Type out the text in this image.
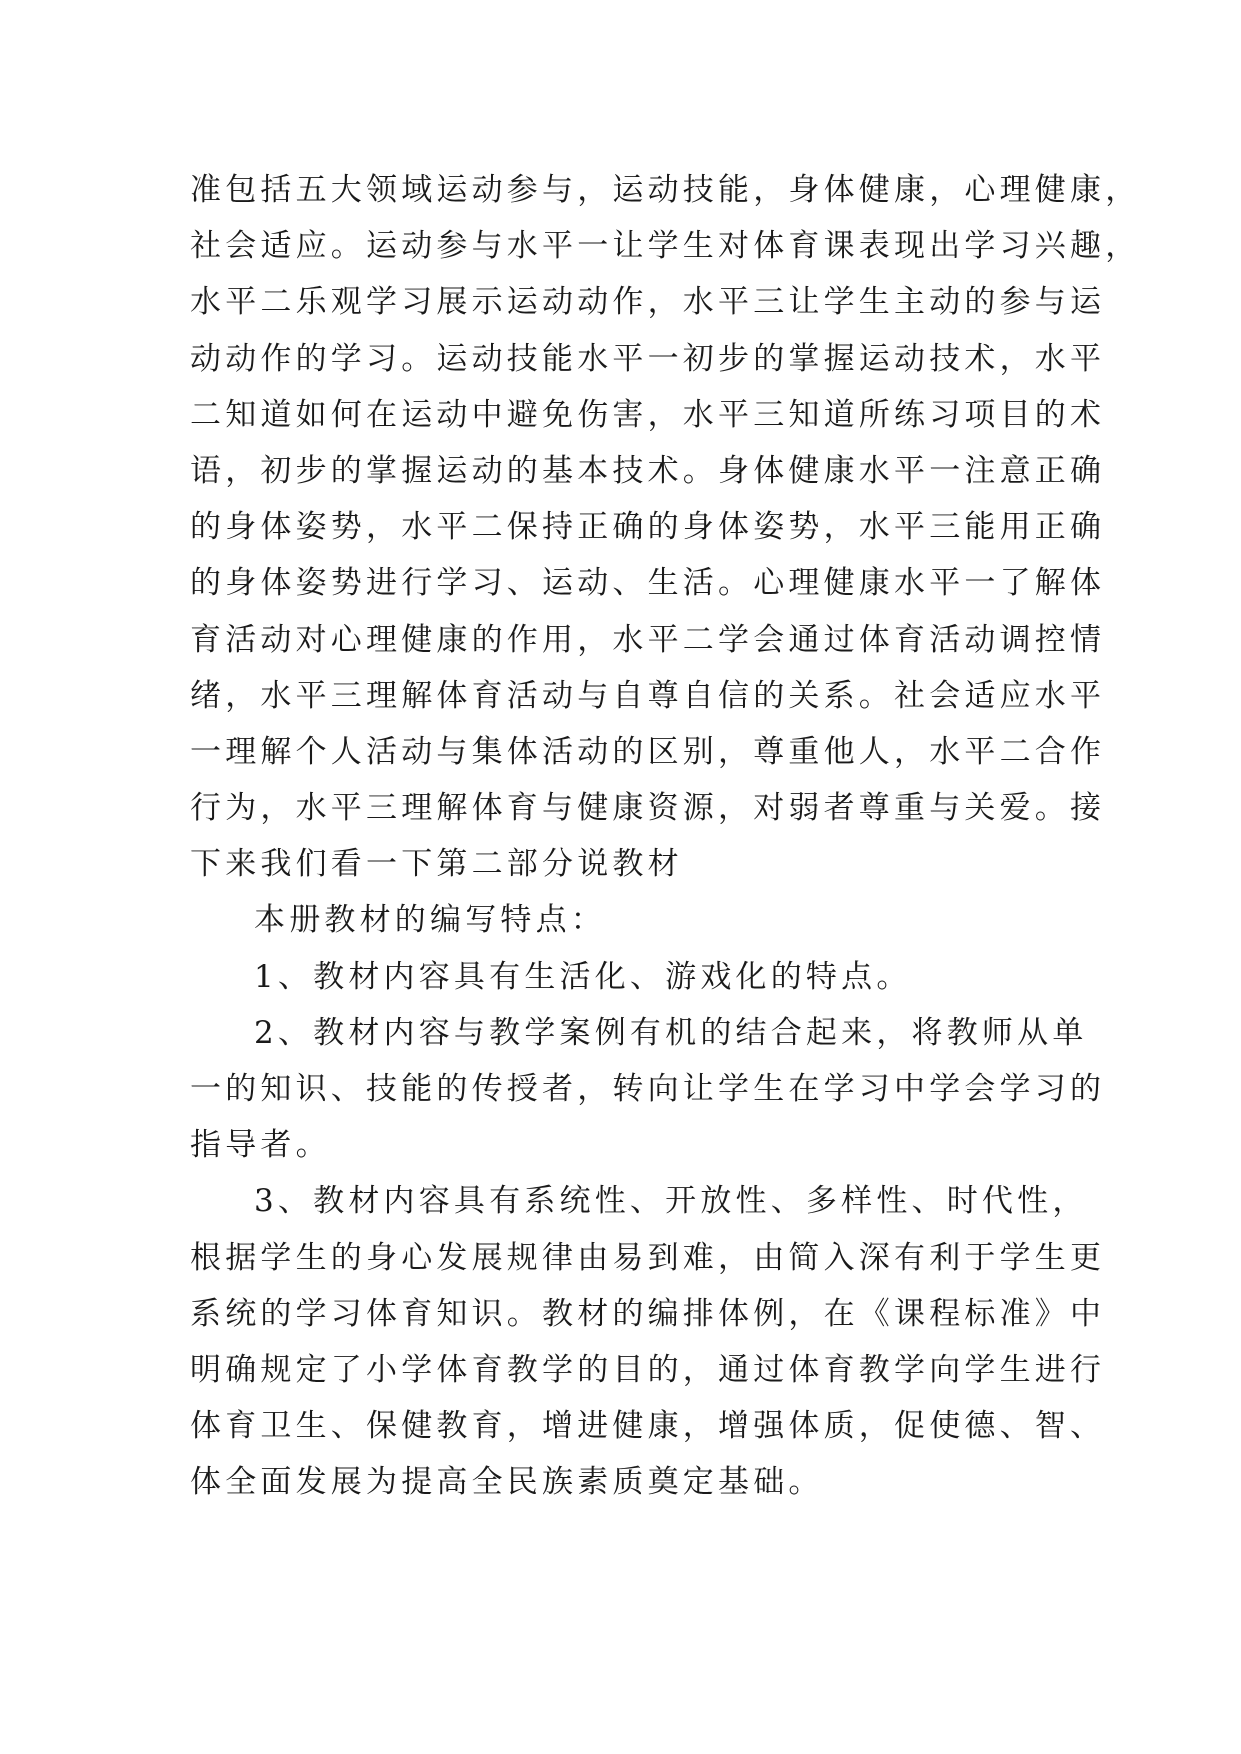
准包括五大领域运动参与，运动技能，身体健康，心理健康，
社会适应。运动参与水平一让学生对体育课表现出学习兴趣，
水平二乐观学习展示运动动作，水平三让学生主动的参与运
动动作的学习。运动技能水平一初步的掌握运动技术，水平
二知道如何在运动中避免伤害，水平三知道所练习项目的术
语，初步的掌握运动的基本技术。身体健康水平一注意正确
的身体姿势，水平二保持正确的身体姿势，水平三能用正确
的身体姿势进行学习、运动、生活。心理健康水平一了解体
育活动对心理健康的作用，水平二学会通过体育活动调控情
绪，水平三理解体育活动与自尊自信的关系。社会适应水平
一理解个人活动与集体活动的区别，尊重他人，水平二合作
行为，水平三理解体育与健康资源，对弱者尊重与关爱。接
下来我们看一下第二部分说教材
本册教材的编写特点：
1、教材内容具有生活化、游戏化的特点。
2、教材内容与教学案例有机的结合起来，将教师从单
一的知识、技能的传授者，转向让学生在学习中学会学习的
指导者。
3、教材内容具有系统性、开放性、多样性、时代性，
根据学生的身心发展规律由易到难，由简入深有利于学生更
系统的学习体育知识。教材的编排体例，在《课程标准》中
明确规定了小学体育教学的目的，通过体育教学向学生进行
体育卫生、保健教育，增进健康，增强体质，促使德、智、
体全面发展为提高全民族素质奠定基础。
